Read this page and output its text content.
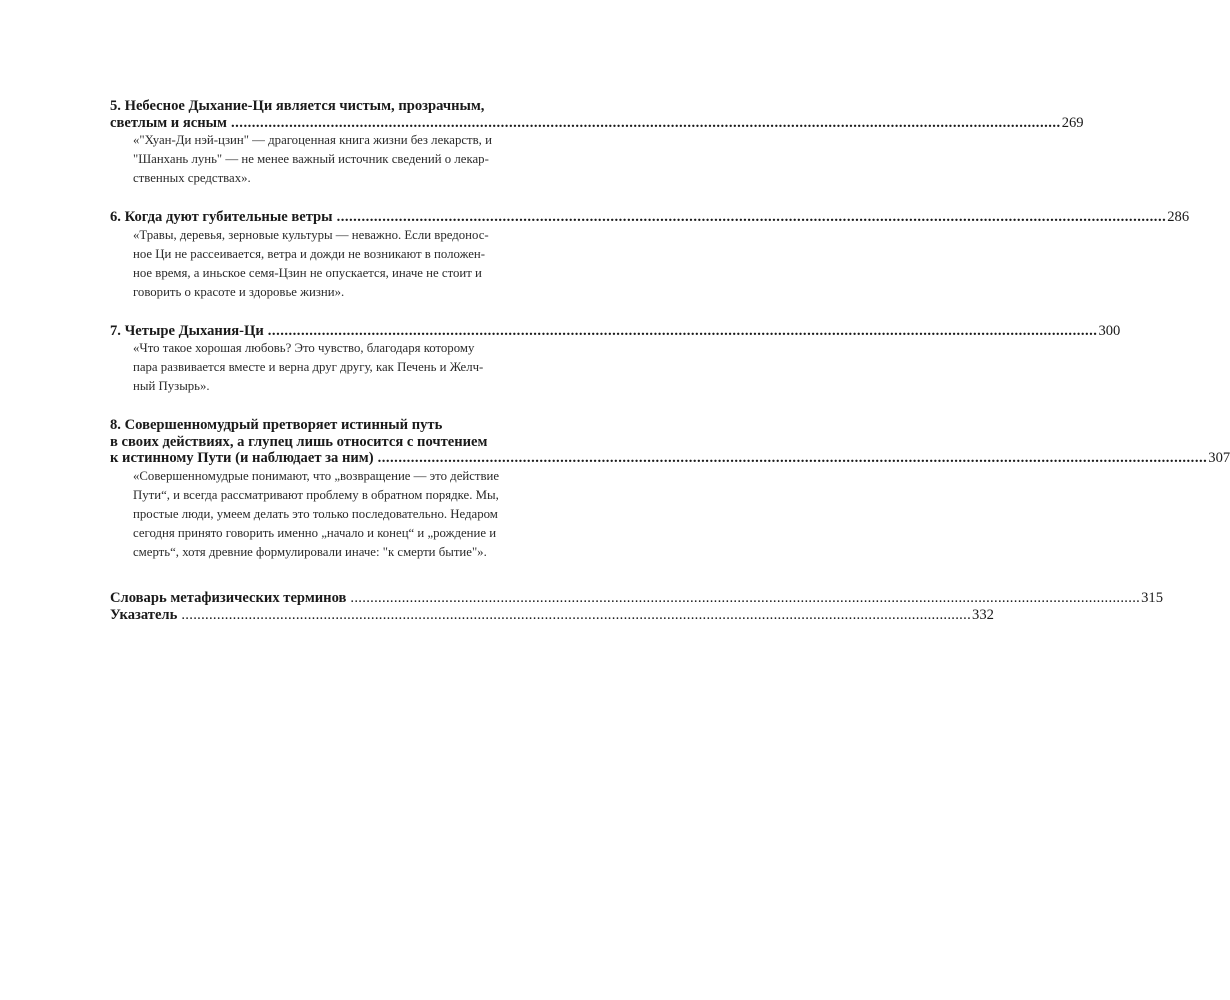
5. Небесное Дыхание-Ци является чистым, прозрачным,
светлым и ясным ........................................................................................................................................................................................................ 269
«"Хуан-Ди нэй-цзин" — драгоценная книга жизни без лекарств, и
"Шанхань лунь" — не менее важный источник сведений о лекар-
ственных средствах».
6. Когда дуют губительные ветры ........................................................................................................................................................................................................ 286
«Травы, деревья, зерновые культуры — неважно. Если вредонос-
ное Ци не рассеивается, ветра и дожди не возникают в положен-
ное время, а иньское семя-Цзин не опускается, иначе не стоит и
говорить о красоте и здоровье жизни».
7. Четыре Дыхания-Ци ........................................................................................................................................................................................................ 300
«Что такое хорошая любовь? Это чувство, благодаря которому
пара развивается вместе и верна друг другу, как Печень и Желч-
ный Пузырь».
8. Совершенномудрый претворяет истинный путь
в своих действиях, а глупец лишь относится с почтением
к истинному Пути (и наблюдает за ним) ........................................................................................................................................................................................................ 307
«Совершенномудрые понимают, что „возвращение — это действие
Пути“, и всегда рассматривают проблему в обратном порядке. Мы,
простые люди, умеем делать это только последовательно. Недаром
сегодня принято говорить именно „начало и конец“ и „рождение и
смерть“, хотя древние формулировали иначе: "к смерти бытие"».
Словарь метафизических терминов ........................................................................................................................................................................................................ 315
Указатель ........................................................................................................................................................................................................ 332
